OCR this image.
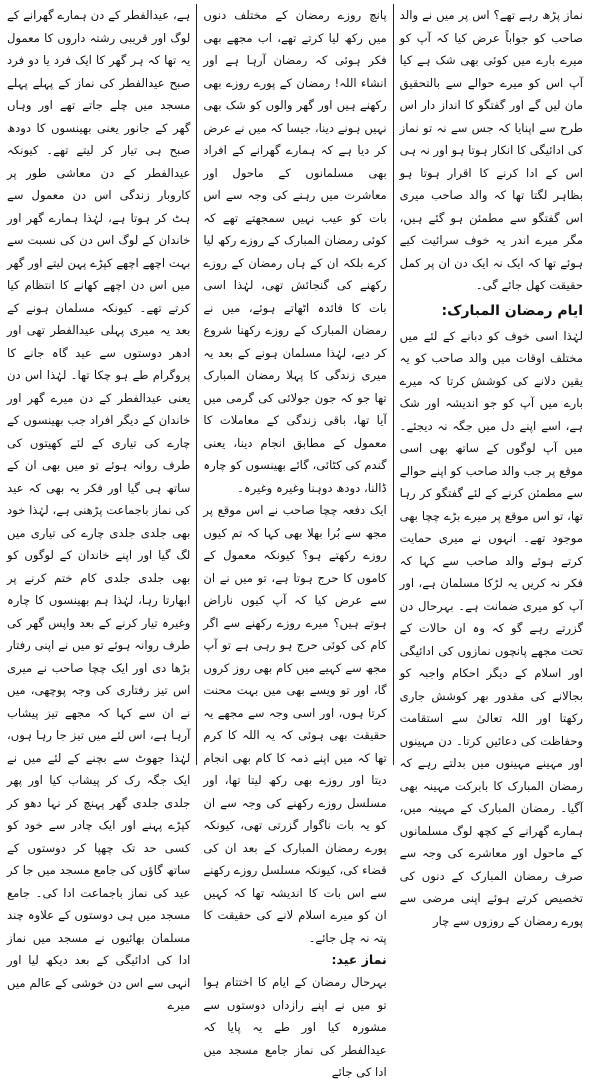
نماز پڑھ رہے تھے؟ اس پر میں نے والد صاحب کو جواباً عرض کیا کہ آپ کو میرے بارے میں کوئی بھی شک ہے کیا آپ اس کو میرے حوالے سے بالتحقیق مان لیں گے اور گفتگو کا انداز دار اس طرح سے اپنایا کہ جس سے نہ تو نماز کی ادائیگی کا انکار ہوتا ہو اور نہ ہی اس کے ادا کرنے کا اقرار ہوتا ہو بظاہر لگتا تھا کہ والد صاحب میری اس گفتگو سے مطمئن ہو گئے ہیں، مگر میرے اندر یہ خوف سرائیت کیے ہوئے تھا کہ ایک نہ ایک دن ان پر کمل حقیقت کھل جائے گی۔
ایام رمضان المبارک:
لہٰذا اسی خوف کو دبانے کے لئے میں مختلف اوقات میں والد صاحب کو یہ یقین دلانے کی کوشش کرتا کہ میرے بارے میں آپ کو جو اندیشہ اور شک ہے، اسے اپنے دل میں جگہ نہ دیجئے۔ میں آپ لوگوں کے ساتھ بھی اسی موقع پر جب والد صاحب کو اپنے حوالے سے مطمئن کرنے کے لئے گفتگو کر رہا تھا، تو اس موقع پر میرے بڑے چچا بھی موجود تھے۔ انہوں نے میری حمایت کرتے ہوئے والد صاحب سے کہا کہ فکر نہ کریں یہ لڑکا مسلمان ہے، اور آپ کو میری ضمانت ہے۔ بہرحال دن گزرتے رہے گو کہ وہ ان حالات کے تحت مجھے پانچوں نمازوں کی ادائیگی اور اسلام کے دیگر احکام واجبہ کو بجالانے کی مقدور بھر کوشش جاری رکھتا اور اللہ تعالیٰ سے استقامت وحفاظت کی دعائیں کرتا۔ دن مہینوں اور مہینے مہینوں میں بدلتے رہے کہ رمضان المبارک کا بابرکت مہینہ بھی آگیا۔ رمضان المبارک کے مہینہ میں، ہمارے گھرانے کے کچھ لوگ مسلمانوں کے ماحول اور معاشرے کی وجہ سے صرف رمضان المبارک کے دنوں کی تخصیص کرتے ہوئے اپنی مرضی سے پورے رمضان کے روزوں سے چار
پانچ روزے رمضان کے مختلف دنوں میں رکھ لیا کرتے تھے، اب مجھے بھی فکر ہوئی کہ رمضان آرہا ہے اور انشاء اللہ! رمضان کے پورے روزے بھی رکھنے ہیں اور گھر والوں کو شک بھی نہیں ہونے دینا، جیسا کہ میں نے عرض کر دیا ہے کہ ہمارے گھرانے کے افراد بھی مسلمانوں کے ماحول اور معاشرت میں رہنے کی وجہ سے اس بات کو عیب نہیں سمجھتے تھے کہ کوئی رمضان المبارک کے روزے رکھ لیا کرے بلکہ ان کے ہاں رمضان کے روزے رکھنے کی گنجائش تھی، لہٰذا اسی بات کا فائدہ اٹھاتے ہوئے، میں نے رمضان المبارک کے روزے رکھنا شروع کر دیے، لہٰذا مسلمان ہونے کے بعد یہ میری زندگی کا پہلا رمضان المبارک تھا جو کہ جون جولائی کی گرمی میں آیا تھا، باقی زندگی کے معاملات کا معمول کے مطابق انجام دینا، یعنی گندم کی کٹائی، گائے بھینسوں کو چارہ ڈالنا، دودھ دوہنا وغیرہ وغیرہ۔
ایک دفعہ چچا صاحب نے اس موقع پر مجھ سے بُرا بھلا بھی کہا کہ تم کیوں روزے رکھتے ہو؟ کیونکہ معمول کے کاموں کا حرج ہوتا ہے، تو میں نے ان سے عرض کیا کہ آپ کیوں ناراض ہوتے ہیں؟ میرے روزے رکھنے سے اگر کام کی کوئی حرج ہو رہی ہے تو آپ مجھ سے کہیے میں کام بھی روز کروں گا، اور تو ویسے بھی میں بہت محنت کرتا ہوں، اور اسی وجہ سے مجھے یہ حقیقت بھی ہوئی کہ یہ اللہ کا کرم تھا کہ میں اپنے ذمہ کا کام بھی انجام دیتا اور روزے بھی رکھ لیتا تھا، اور مسلسل روزے رکھنے کی وجہ سے ان کو یہ بات ناگوار گزرتی تھی، کیونکہ پورے رمضان المبارک کے بعد ان کی قضاء کی، کیونکہ مسلسل روزے رکھنے سے اس بات کا اندیشہ تھا کہ کہیں ان کو میرے اسلام لانے کی حقیقت کا پتہ نہ چل جائے۔
نماز عید:
بہرحال رمضان کے ایام کا اختتام ہوا تو میں نے اپنے رازداں دوستوں سے مشورہ کیا اور طے یہ پایا کہ عیدالفطر کی نماز جامع مسجد میں ادا کی جائے
ہے، عیدالفطر کے دن ہمارے گھرانے کے لوگ اور قریبی رشتہ داروں کا معمول یہ تھا کہ ہر گھر کا ایک فرد یا دو فرد صبح عیدالفطر کی نماز کے پہلے پہلے مسجد میں چلے جاتے تھے اور وہاں گھر کے جانور یعنی بھینسوں کا دودھ صبح ہی تیار کر لیتے تھے۔ کیونکہ عیدالفطر کے دن معاشی طور پر کاروبار زندگی اس دن معمول سے ہٹ کر ہوتا ہے، لہٰذا ہمارے گھر اور خاندان کے لوگ اس دن کی نسبت سے بہت اچھے اچھے کپڑے پہن لیتے اور گھر میں اس دن اچھے کھانے کا انتظام کیا کرتے تھے۔ کیونکہ مسلمان ہونے کے بعد یہ میری پہلی عیدالفطر تھی اور ادھر دوستوں سے عید گاہ جانے کا پروگرام طے ہو چکا تھا۔ لہٰذا اس دن یعنی عیدالفطر کے دن میرے گھر اور خاندان کے دیگر افراد جب بھینسوں کے چارے کی تیاری کے لئے کھیتوں کی طرف روانہ ہوئے تو میں بھی ان کے ساتھ ہی گیا اور فکر یہ بھی کہ عید کی نماز باجماعت پڑھنی ہے، لہٰذا خود بھی جلدی جلدی چارے کی تیاری میں لگ گیا اور اپنے خاندان کے لوگوں کو بھی جلدی جلدی کام ختم کرنے پر ابھارتا رہا، لہٰذا ہم بھینسوں کا چارہ وغیرہ تیار کرنے کے بعد واپس گھر کی طرف روانہ ہوئے تو میں نے اپنی رفتار بڑھا دی اور ایک چچا صاحب نے میری اس تیز رفتاری کی وجہ پوچھی، میں نے ان سے کہا کہ مجھے تیز پیشاب آرہا ہے، اس لئے میں تیز جا رہا ہوں، لہٰذا جھوٹ سے بچنے کے لئے میں نے ایک جگہ رک کر پیشاب کیا اور پھر جلدی جلدی گھر پہنچ کر نہا دھو کر کپڑے پہنے اور ایک چادر سے خود کو کسی حد تک چھپا کر دوستوں کے ساتھ گاؤں کی جامع مسجد میں جا کر عید کی نماز باجماعت ادا کی۔ جامع مسجد میں ہی دوستوں کے علاوہ چند مسلمان بھائیوں نے مسجد میں نماز ادا کی ادائیگی کے بعد دیکھ لیا اور انہی سے اس دن خوشی کے عالم میں میرے
